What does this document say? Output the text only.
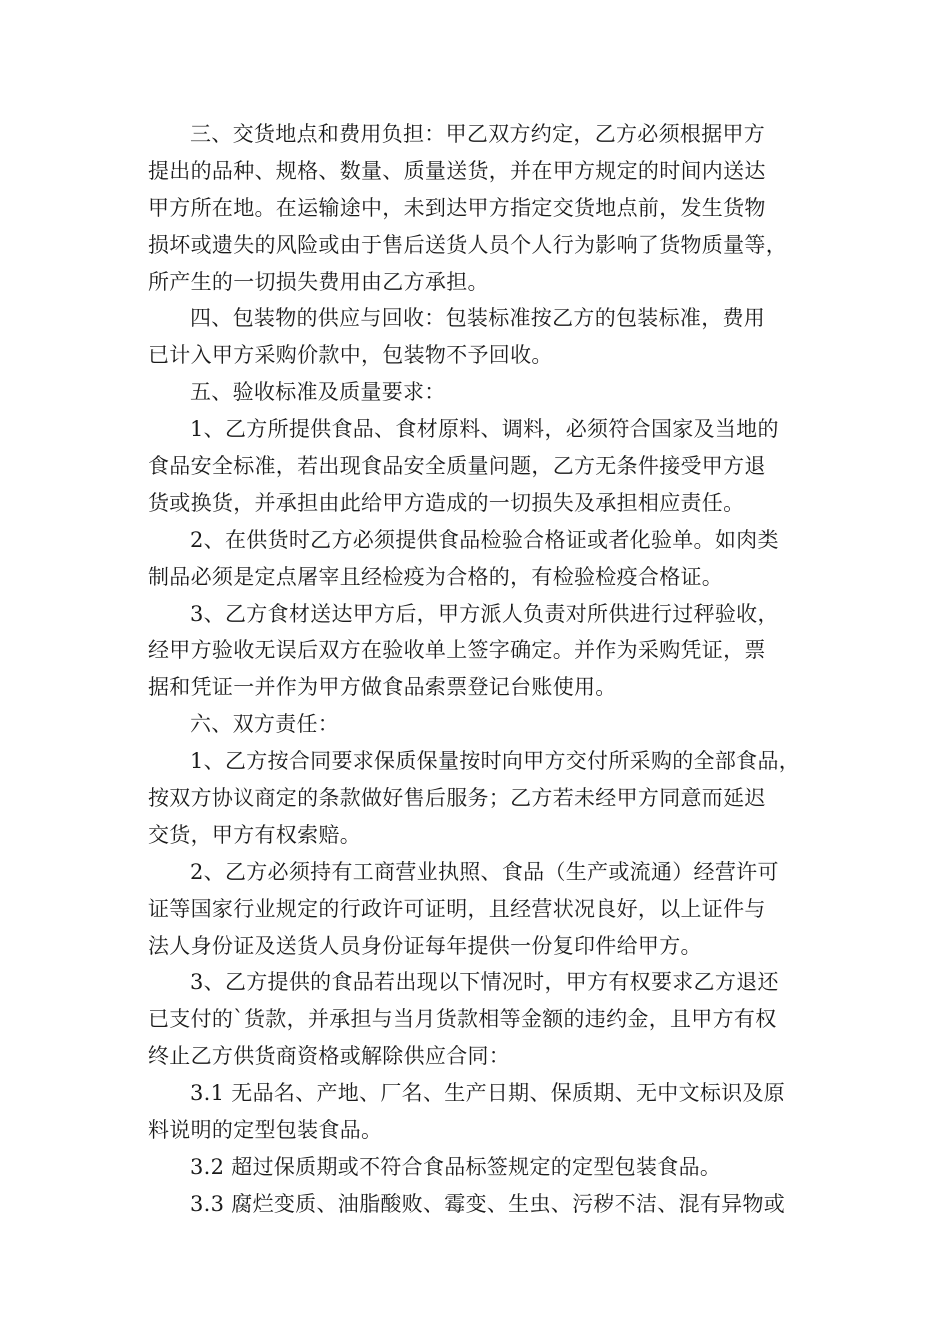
三、交货地点和费用负担：甲乙双方约定，乙方必须根据甲方
提出的品种、规格、数量、质量送货，并在甲方规定的时间内送达
甲方所在地。在运输途中，未到达甲方指定交货地点前，发生货物
损坏或遗失的风险或由于售后送货人员个人行为影响了货物质量等，
所产生的一切损失费用由乙方承担。
四、包装物的供应与回收：包装标准按乙方的包装标准，费用
已计入甲方采购价款中，包装物不予回收。
五、验收标准及质量要求：
1、乙方所提供食品、食材原料、调料，必须符合国家及当地的
食品安全标准，若出现食品安全质量问题，乙方无条件接受甲方退
货或换货，并承担由此给甲方造成的一切损失及承担相应责任。
2、在供货时乙方必须提供食品检验合格证或者化验单。如肉类
制品必须是定点屠宰且经检疫为合格的，有检验检疫合格证。
3、乙方食材送达甲方后，甲方派人负责对所供进行过秤验收，
经甲方验收无误后双方在验收单上签字确定。并作为采购凭证，票
据和凭证一并作为甲方做食品索票登记台账使用。
六、双方责任：
1、乙方按合同要求保质保量按时向甲方交付所采购的全部食品，
按双方协议商定的条款做好售后服务；乙方若未经甲方同意而延迟
交货，甲方有权索赔。
2、乙方必须持有工商营业执照、食品（生产或流通）经营许可
证等国家行业规定的行政许可证明，且经营状况良好，以上证件与
法人身份证及送货人员身份证每年提供一份复印件给甲方。
3、乙方提供的食品若出现以下情况时，甲方有权要求乙方退还
已支付的`货款，并承担与当月货款相等金额的违约金，且甲方有权
终止乙方供货商资格或解除供应合同：
3.1 无品名、产地、厂名、生产日期、保质期、无中文标识及原
料说明的定型包装食品。
3.2 超过保质期或不符合食品标签规定的定型包装食品。
3.3 腐烂变质、油脂酸败、霉变、生虫、污秽不洁、混有异物或
